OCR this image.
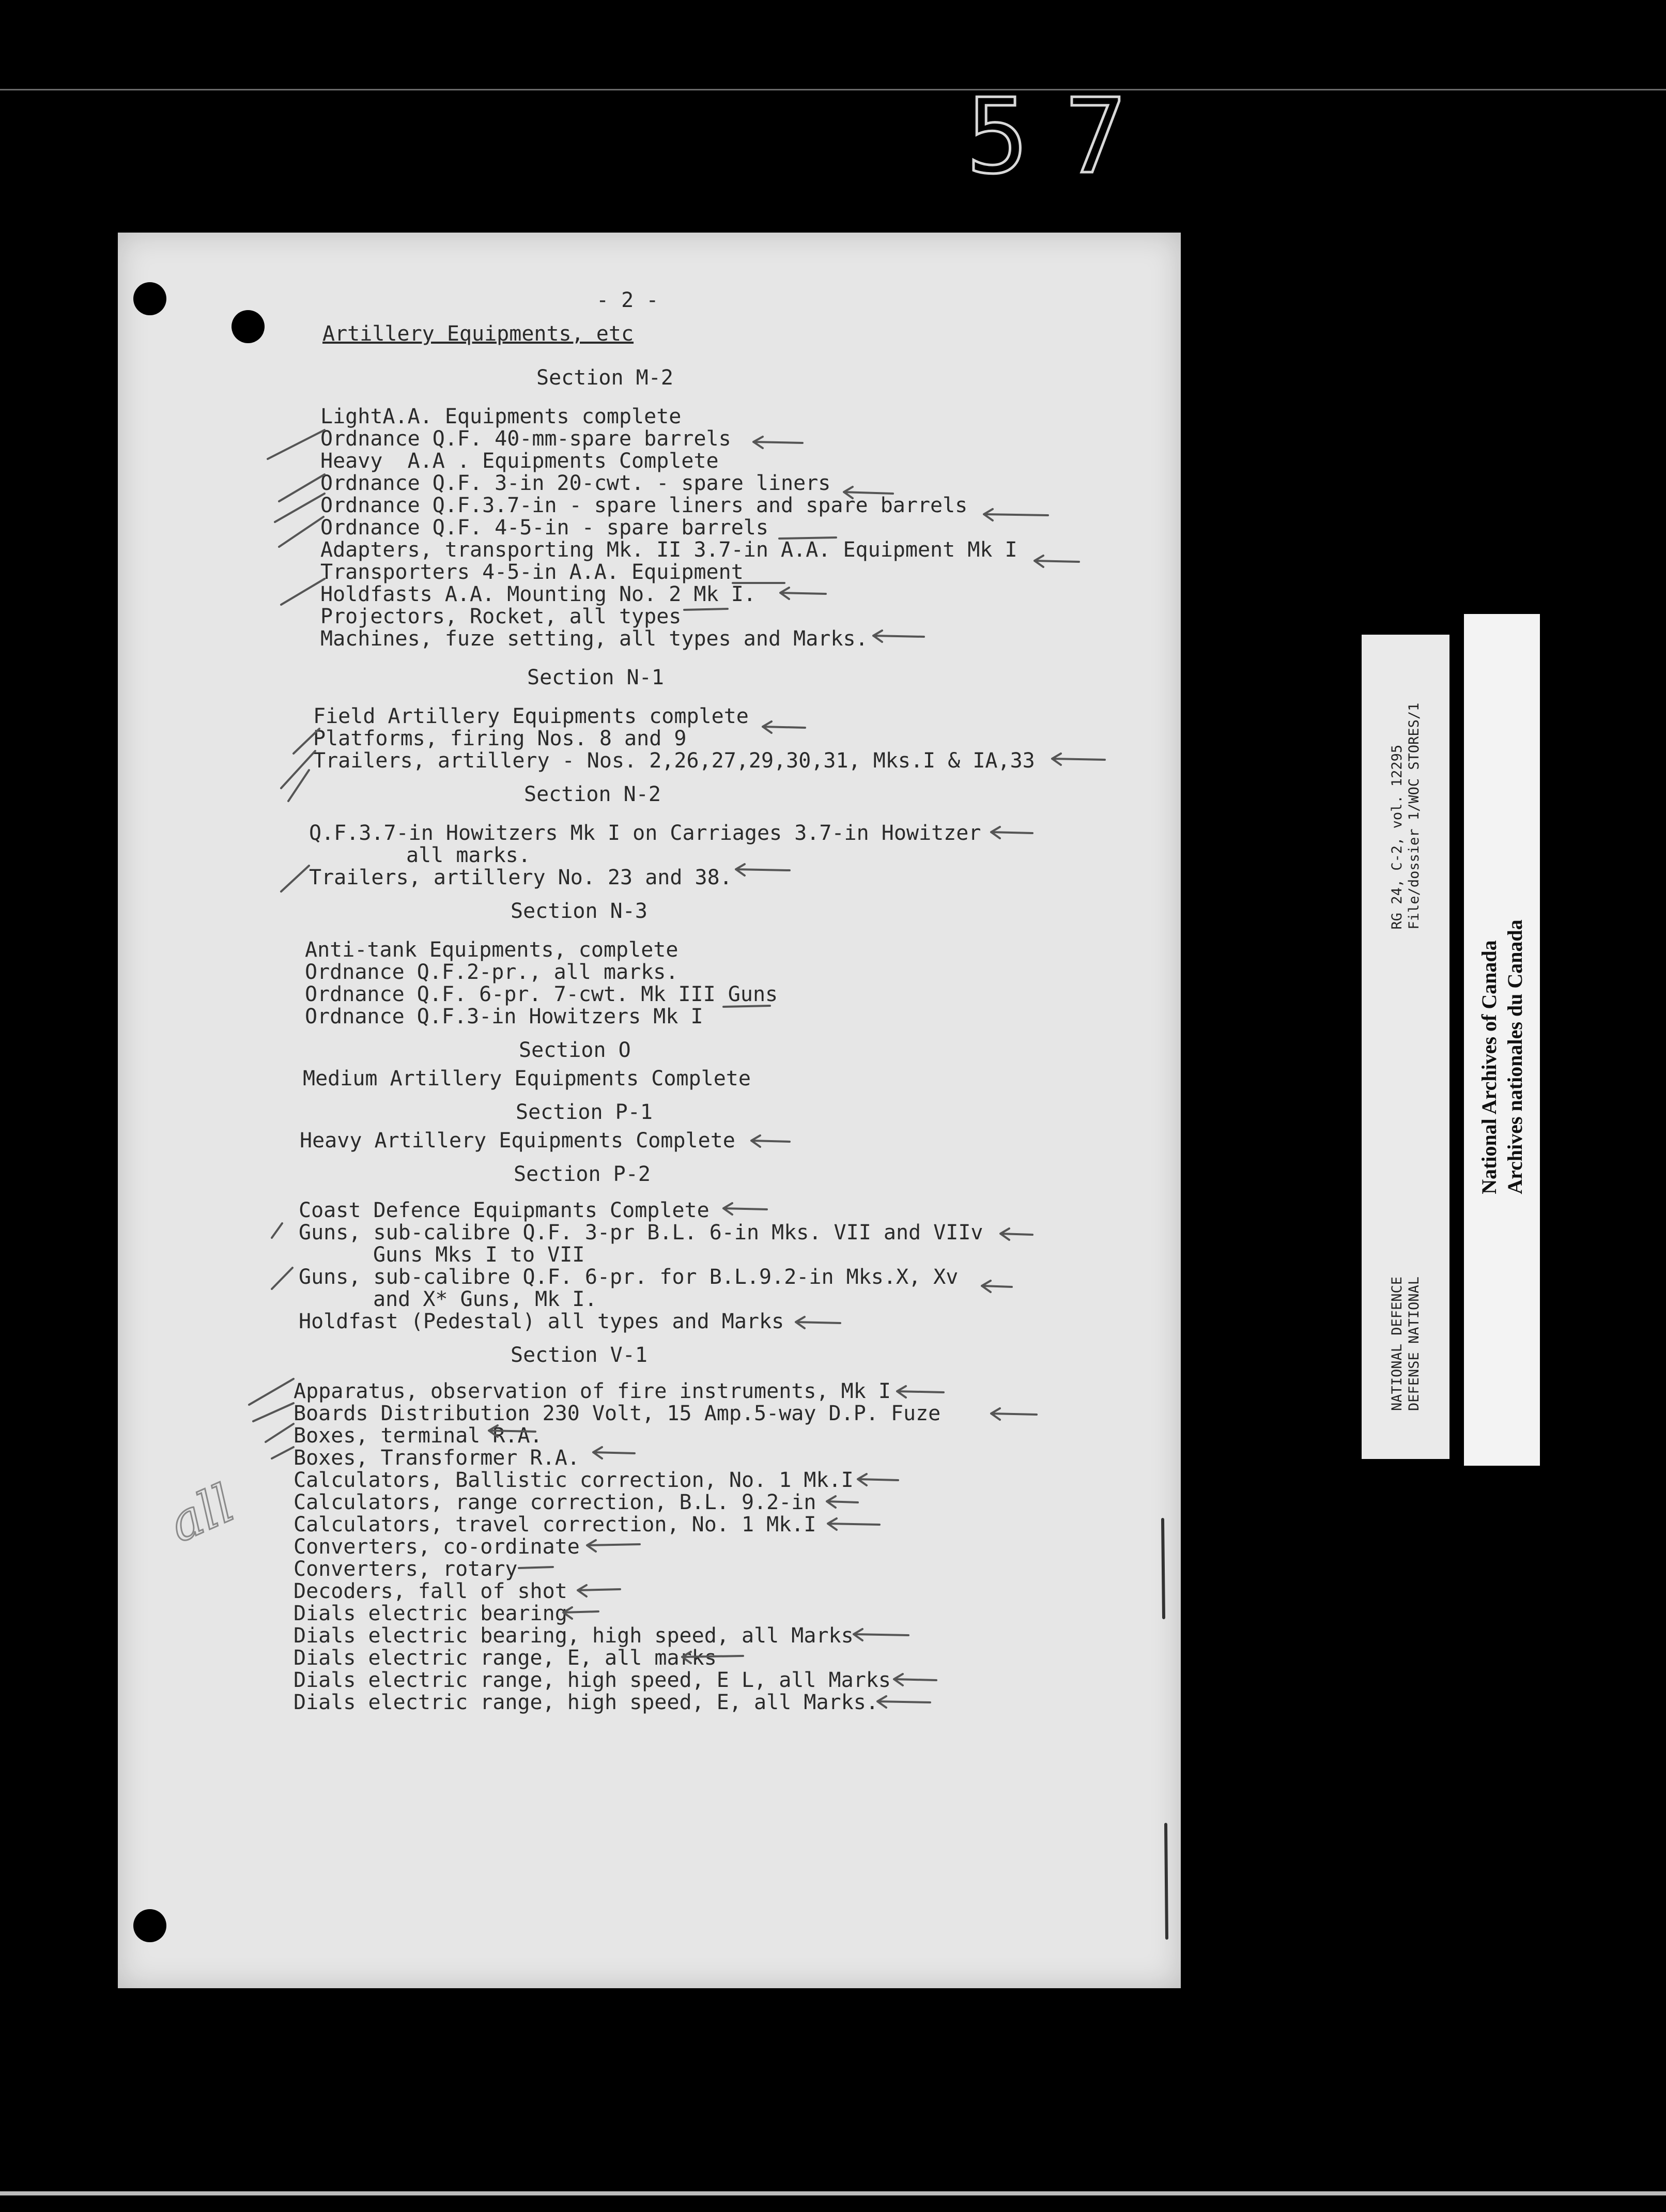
57
- 2 -
Artillery Equipments, etc
Section M-2
LightA.A. Equipments complete
Ordnance Q.F. 40-mm-spare barrels
Heavy  A.A . Equipments Complete
Ordnance Q.F. 3-in 20-cwt. - spare liners
Ordnance Q.F.3.7-in - spare liners and spare barrels
Ordnance Q.F. 4-5-in - spare barrels
Adapters, transporting Mk. II 3.7-in A.A. Equipment Mk I
Transporters 4-5-in A.A. Equipment
Holdfasts A.A. Mounting No. 2 Mk I.
Projectors, Rocket, all types
Machines, fuze setting, all types and Marks.
Section N-1
Field Artillery Equipments complete
Platforms, firing Nos. 8 and 9
Trailers, artillery - Nos. 2,26,27,29,30,31, Mks.I & IA,33
Section N-2
Q.F.3.7-in Howitzers Mk I on Carriages 3.7-in Howitzer
all marks.
Trailers, artillery No. 23 and 38.
Section N-3
Anti-tank Equipments, complete
Ordnance Q.F.2-pr., all marks.
Ordnance Q.F. 6-pr. 7-cwt. Mk III Guns
Ordnance Q.F.3-in Howitzers Mk I
Section O
Medium Artillery Equipments Complete
Section P-1
Heavy Artillery Equipments Complete
Section P-2
Coast Defence Equipmants Complete
Guns, sub-calibre Q.F. 3-pr B.L. 6-in Mks. VII and VIIv
Guns Mks I to VII
Guns, sub-calibre Q.F. 6-pr. for B.L.9.2-in Mks.X, Xv
and X* Guns, Mk I.
Holdfast (Pedestal) all types and Marks
Section V-1
Apparatus, observation of fire instruments, Mk I
Boards Distribution 230 Volt, 15 Amp.5-way D.P. Fuze
Boxes, terminal R.A.
Boxes, Transformer R.A.
Calculators, Ballistic correction, No. 1 Mk.I
Calculators, range correction, B.L. 9.2-in
Calculators, travel correction, No. 1 Mk.I
Converters, co-ordinate
Converters, rotary
Decoders, fall of shot
Dials electric bearing
Dials electric bearing, high speed, all Marks
Dials electric range, E, all marks
Dials electric range, high speed, E L, all Marks
Dials electric range, high speed, E, all Marks.
all
RG 24, C-2, vol. 12295
File/dossier 1/WOC STORES/1
NATIONAL DEFENCE
DEFENSE NATIONAL
National Archives of Canada
Archives nationales du Canada
